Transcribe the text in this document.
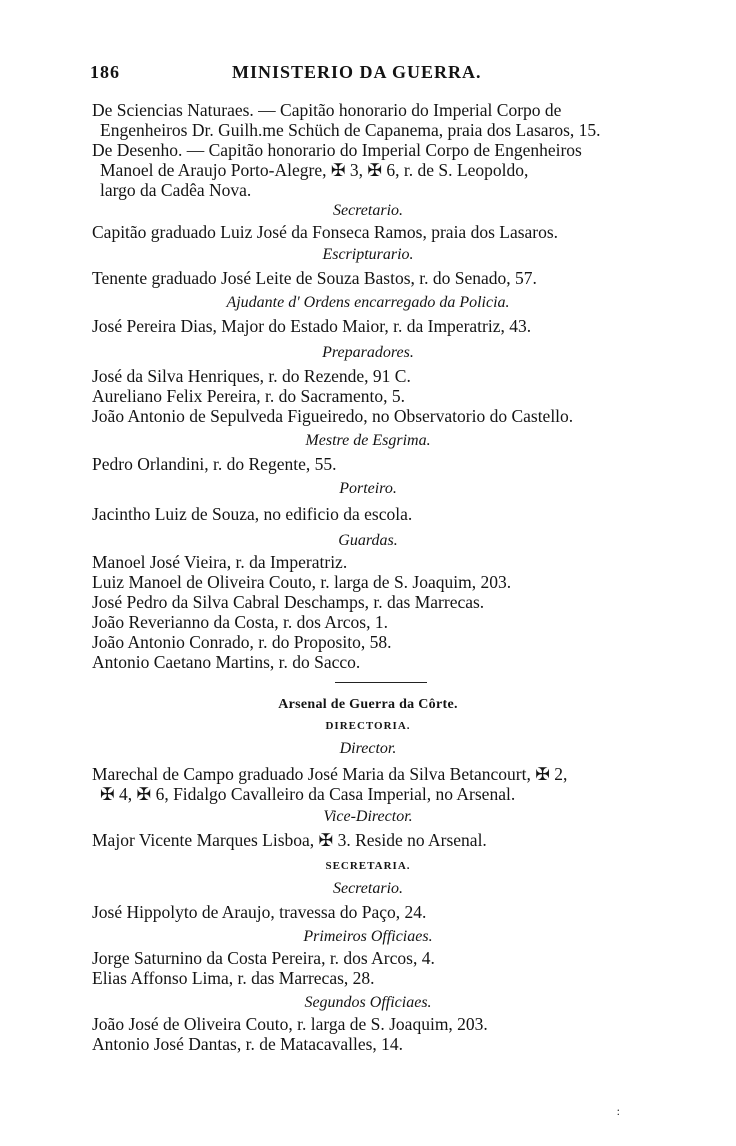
186	MINISTERIO DA GUERRA.
De Sciencias Naturaes. — Capitão honorario do Imperial Corpo de
Engenheiros Dr. Guilh.me Schüch de Capanema, praia dos Lasaros, 15.
De Desenho. — Capitão honorario do Imperial Corpo de Engenheiros
Manoel de Araujo Porto-Alegre, ✠ 3, ✠ 6, r. de S. Leopoldo,
largo da Cadêa Nova.
Secretario.
Capitão graduado Luiz José da Fonseca Ramos, praia dos Lasaros.
Escripturario.
Tenente graduado José Leite de Souza Bastos, r. do Senado, 57.
Ajudante d' Ordens encarregado da Policia.
José Pereira Dias, Major do Estado Maior, r. da Imperatriz, 43.
Preparadores.
José da Silva Henriques, r. do Rezende, 91 C.
Aureliano Felix Pereira, r. do Sacramento, 5.
João Antonio de Sepulveda Figueiredo, no Observatorio do Castello.
Mestre de Esgrima.
Pedro Orlandini, r. do Regente, 55.
Porteiro.
Jacintho Luiz de Souza, no edificio da escola.
Guardas.
Manoel José Vieira, r. da Imperatriz.
Luiz Manoel de Oliveira Couto, r. larga de S. Joaquim, 203.
José Pedro da Silva Cabral Deschamps, r. das Marrecas.
João Reverianno da Costa, r. dos Arcos, 1.
João Antonio Conrado, r. do Proposito, 58.
Antonio Caetano Martins, r. do Sacco.
Arsenal de Guerra da Côrte.
DIRECTORIA.
Director.
Marechal de Campo graduado José Maria da Silva Betancourt, ✠ 2,
✠ 4, ✠ 6, Fidalgo Cavalleiro da Casa Imperial, no Arsenal.
Vice-Director.
Major Vicente Marques Lisboa, ✠ 3. Reside no Arsenal.
SECRETARIA.
Secretario.
José Hippolyto de Araujo, travessa do Paço, 24.
Primeiros Officiaes.
Jorge Saturnino da Costa Pereira, r. dos Arcos, 4.
Elias Affonso Lima, r. das Marrecas, 28.
Segundos Officiaes.
João José de Oliveira Couto, r. larga de S. Joaquim, 203.
Antonio José Dantas, r. de Matacavalles, 14.
:
